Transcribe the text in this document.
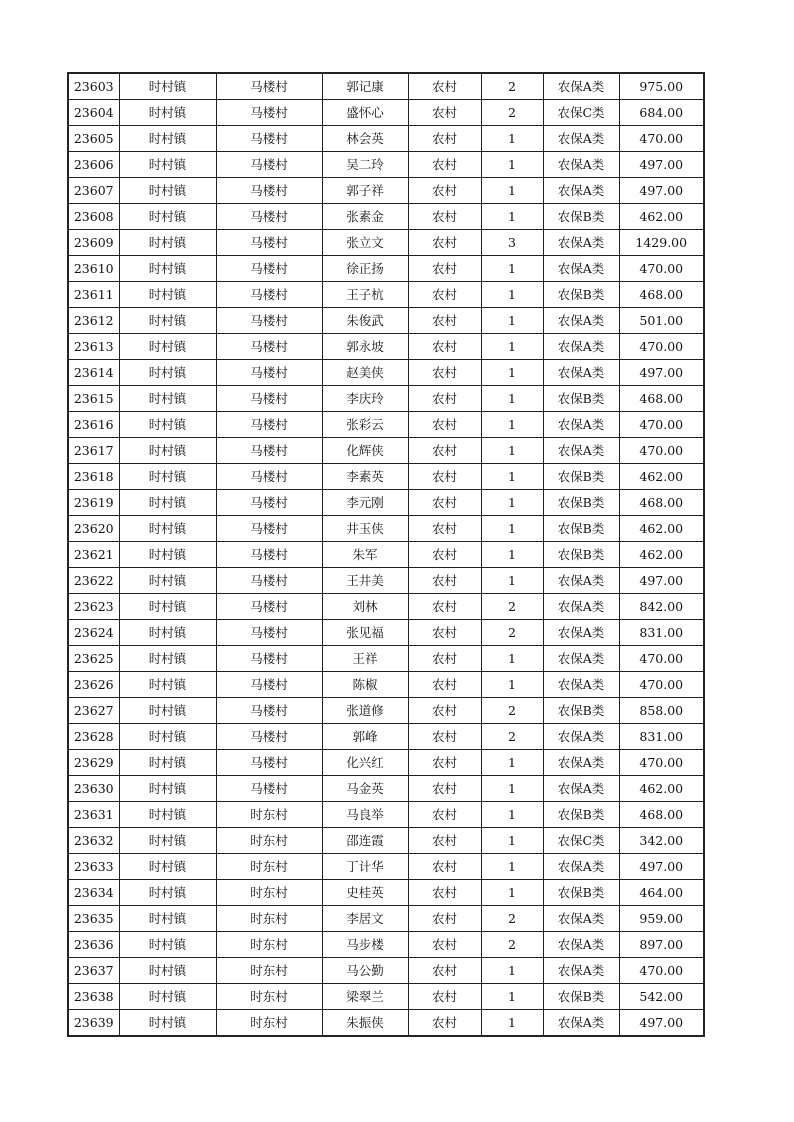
23603	时村镇	马楼村	郭记康	农村	2	农保A类	975.00
23604	时村镇	马楼村	盛怀心	农村	2	农保C类	684.00
23605	时村镇	马楼村	林会英	农村	1	农保A类	470.00
23606	时村镇	马楼村	吴二玲	农村	1	农保A类	497.00
23607	时村镇	马楼村	郭子祥	农村	1	农保A类	497.00
23608	时村镇	马楼村	张素金	农村	1	农保B类	462.00
23609	时村镇	马楼村	张立文	农村	3	农保A类	1429.00
23610	时村镇	马楼村	徐正扬	农村	1	农保A类	470.00
23611	时村镇	马楼村	王子杭	农村	1	农保B类	468.00
23612	时村镇	马楼村	朱俊武	农村	1	农保A类	501.00
23613	时村镇	马楼村	郭永坡	农村	1	农保A类	470.00
23614	时村镇	马楼村	赵美侠	农村	1	农保A类	497.00
23615	时村镇	马楼村	李庆玲	农村	1	农保B类	468.00
23616	时村镇	马楼村	张彩云	农村	1	农保A类	470.00
23617	时村镇	马楼村	化辉侠	农村	1	农保A类	470.00
23618	时村镇	马楼村	李素英	农村	1	农保B类	462.00
23619	时村镇	马楼村	李元刚	农村	1	农保B类	468.00
23620	时村镇	马楼村	井玉侠	农村	1	农保B类	462.00
23621	时村镇	马楼村	朱军	农村	1	农保B类	462.00
23622	时村镇	马楼村	王井美	农村	1	农保A类	497.00
23623	时村镇	马楼村	刘林	农村	2	农保A类	842.00
23624	时村镇	马楼村	张见福	农村	2	农保A类	831.00
23625	时村镇	马楼村	王祥	农村	1	农保A类	470.00
23626	时村镇	马楼村	陈椒	农村	1	农保A类	470.00
23627	时村镇	马楼村	张道修	农村	2	农保B类	858.00
23628	时村镇	马楼村	郭峰	农村	2	农保A类	831.00
23629	时村镇	马楼村	化兴红	农村	1	农保A类	470.00
23630	时村镇	马楼村	马金英	农村	1	农保A类	462.00
23631	时村镇	时东村	马良举	农村	1	农保B类	468.00
23632	时村镇	时东村	邵连霞	农村	1	农保C类	342.00
23633	时村镇	时东村	丁计华	农村	1	农保A类	497.00
23634	时村镇	时东村	史桂英	农村	1	农保B类	464.00
23635	时村镇	时东村	李居文	农村	2	农保A类	959.00
23636	时村镇	时东村	马步楼	农村	2	农保A类	897.00
23637	时村镇	时东村	马公勤	农村	1	农保A类	470.00
23638	时村镇	时东村	梁翠兰	农村	1	农保B类	542.00
23639	时村镇	时东村	朱振侠	农村	1	农保A类	497.00
